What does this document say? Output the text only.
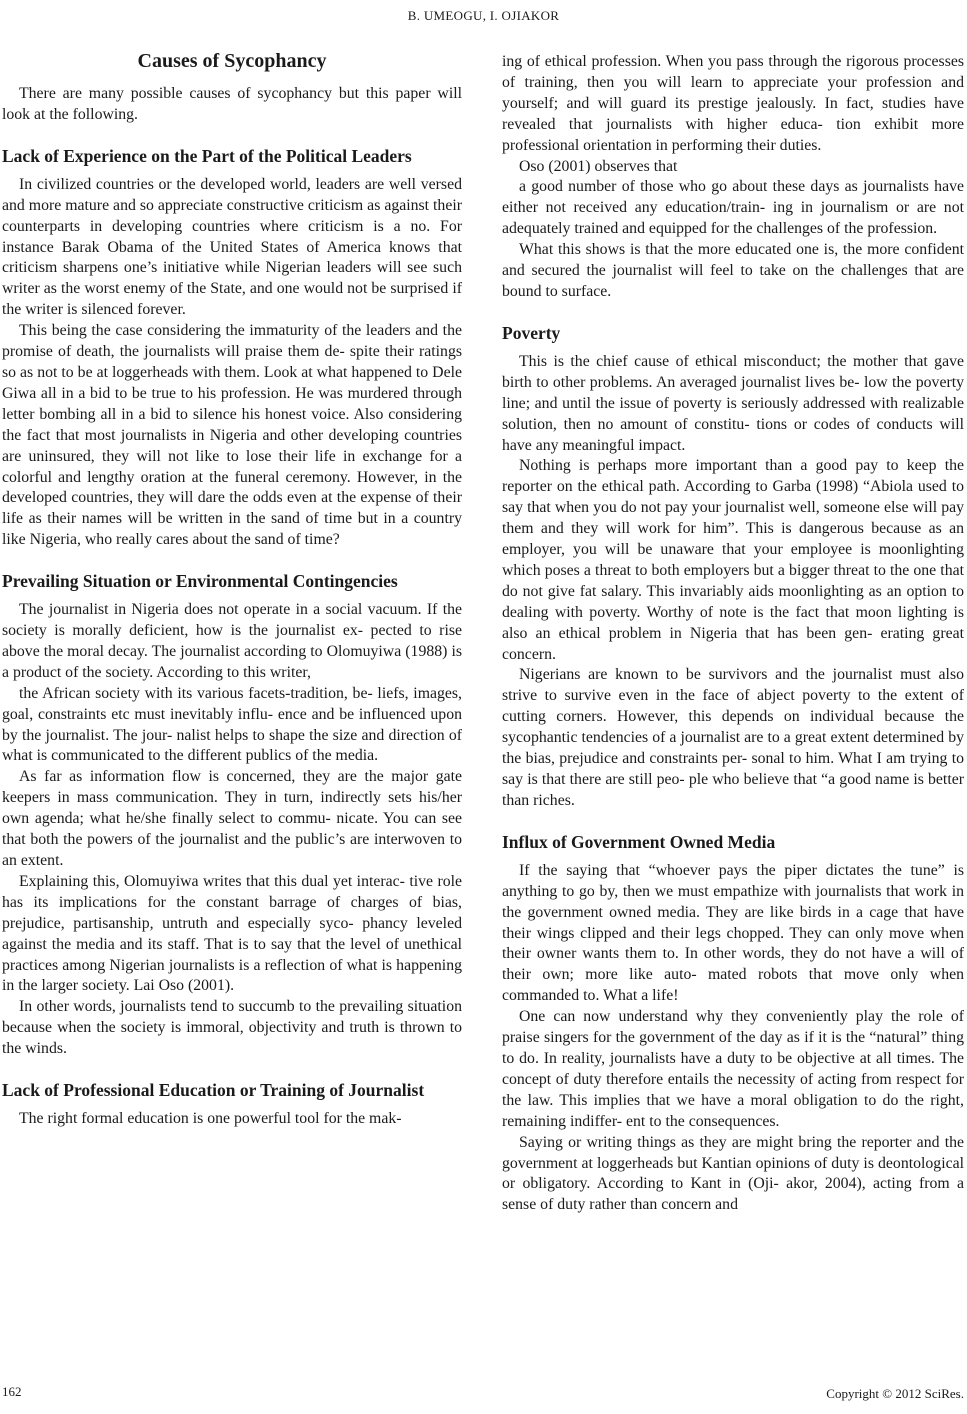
B. UMEOGU, I. OJIAKOR
Causes of Sycophancy

There are many possible causes of sycophancy but this paper will look at the following.

Lack of Experience on the Part of the Political Leaders

In civilized countries or the developed world, leaders are well versed and more mature and so appreciate constructive criticism as against their counterparts in developing countries where criticism is a no. For instance Barak Obama of the United States of America knows that criticism sharpens one’s initiative while Nigerian leaders will see such writer as the worst enemy of the State, and one would not be surprised if the writer is silenced forever.

This being the case considering the immaturity of the leaders and the promise of death, the journalists will praise them de- spite their ratings so as not to be at loggerheads with them. Look at what happened to Dele Giwa all in a bid to be true to his profession. He was murdered through letter bombing all in a bid to silence his honest voice. Also considering the fact that most journalists in Nigeria and other developing countries are uninsured, they will not like to lose their life in exchange for a colorful and lengthy oration at the funeral ceremony. However, in the developed countries, they will dare the odds even at the expense of their life as their names will be written in the sand of time but in a country like Nigeria, who really cares about the sand of time?

Prevailing Situation or Environmental Contingencies

The journalist in Nigeria does not operate in a social vacuum. If the society is morally deficient, how is the journalist ex- pected to rise above the moral decay. The journalist according to Olomuyiwa (1988) is a product of the society. According to this writer,

the African society with its various facets-tradition, be- liefs, images, goal, constraints etc must inevitably influ- ence and be influenced upon by the journalist. The jour- nalist helps to shape the size and direction of what is communicated to the different publics of the media.

As far as information flow is concerned, they are the major gate keepers in mass communication. They in turn, indirectly sets his/her own agenda; what he/she finally select to commu- nicate. You can see that both the powers of the journalist and the public’s are interwoven to an extent.

Explaining this, Olomuyiwa writes that this dual yet interac- tive role has its implications for the constant barrage of charges of bias, prejudice, partisanship, untruth and especially syco- phancy leveled against the media and its staff. That is to say that the level of unethical practices among Nigerian journalists is a reflection of what is happening in the larger society. Lai Oso (2001).

In other words, journalists tend to succumb to the prevailing situation because when the society is immoral, objectivity and truth is thrown to the winds.

Lack of Professional Education or Training of Journalist

The right formal education is one powerful tool for the mak-

ing of ethical profession. When you pass through the rigorous processes of training, then you will learn to appreciate your profession and yourself; and will guard its prestige jealously. In fact, studies have revealed that journalists with higher educa- tion exhibit more professional orientation in performing their duties.

Oso (2001) observes that

a good number of those who go about these days as journalists have either not received any education/train- ing in journalism or are not adequately trained and equipped for the challenges of the profession.

What this shows is that the more educated one is, the more confident and secured the journalist will feel to take on the challenges that are bound to surface.

Poverty

This is the chief cause of ethical misconduct; the mother that gave birth to other problems. An averaged journalist lives be- low the poverty line; and until the issue of poverty is seriously addressed with realizable solution, then no amount of constitu- tions or codes of conducts will have any meaningful impact.

Nothing is perhaps more important than a good pay to keep the reporter on the ethical path. According to Garba (1998) “Abiola used to say that when you do not pay your journalist well, someone else will pay them and they will work for him”. This is dangerous because as an employer, you will be unaware that your employee is moonlighting which poses a threat to both employers but a bigger threat to the one that do not give fat salary. This invariably aids moonlighting as an option to dealing with poverty. Worthy of note is the fact that moon lighting is also an ethical problem in Nigeria that has been gen- erating great concern.

Nigerians are known to be survivors and the journalist must also strive to survive even in the face of abject poverty to the extent of cutting corners. However, this depends on individual because the sycophantic tendencies of a journalist are to a great extent determined by the bias, prejudice and constraints per- sonal to him. What I am trying to say is that there are still peo- ple who believe that “a good name is better than riches.

Influx of Government Owned Media

If the saying that “whoever pays the piper dictates the tune” is anything to go by, then we must empathize with journalists that work in the government owned media. They are like birds in a cage that have their wings clipped and their legs chopped. They can only move when their owner wants them to. In other words, they do not have a will of their own; more like auto- mated robots that move only when commanded to. What a life!

One can now understand why they conveniently play the role of praise singers for the government of the day as if it is the “natural” thing to do. In reality, journalists have a duty to be objective at all times. The concept of duty therefore entails the necessity of acting from respect for the law. This implies that we have a moral obligation to do the right, remaining indiffer- ent to the consequences.

Saying or writing things as they are might bring the reporter and the government at loggerheads but Kantian opinions of duty is deontological or obligatory. According to Kant in (Oji- akor, 2004), acting from a sense of duty rather than concern and

162	Copyright © 2012 SciRes.
